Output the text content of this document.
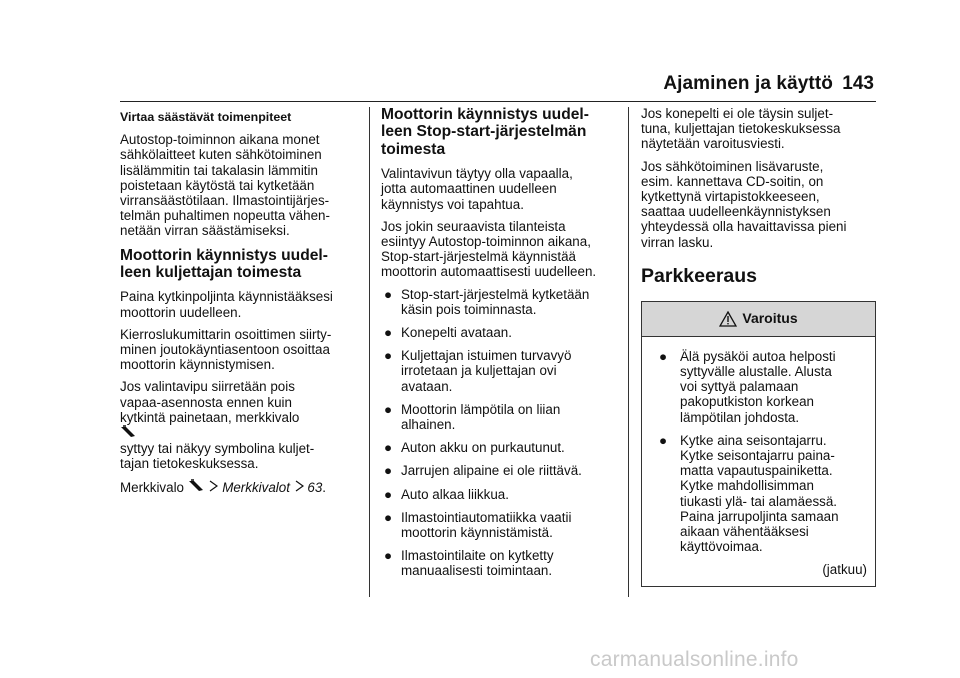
Ajaminen ja käyttö 143

Virtaa säästävät toimenpiteet

Autostop-toiminnon aikana monet
sähkölaitteet kuten sähkötoiminen
lisälämmitin tai takalasin lämmitin
poistetaan käytöstä tai kytketään
virransäästötilaan. Ilmastointijärjes-
telmän puhaltimen nopeutta vähen-
netään virran säästämiseksi.

Moottorin käynnistys uudel-
leen kuljettajan toimesta

Paina kytkinpoljinta käynnistääksesi
moottorin uudelleen.

Kierroslukumittarin osoittimen siirty-
minen joutokäyntiasentoon osoittaa
moottorin käynnistymisen.

Jos valintavipu siirretään pois
vapaa-asennosta ennen kuin
kytkintä painetaan, merkkivalo

syttyy tai näkyy symbolina kuljet-
tajan tietokeskuksessa.

Merkkivalo	Merkkivalot 63.

Moottorin käynnistys uudel-
leen Stop-start-järjestelmän
toimesta

Valintavivun täytyy olla vapaalla,
jotta automaattinen uudelleen
käynnistys voi tapahtua.

Jos jokin seuraavista tilanteista
esiintyy Autostop-toiminnon aikana,
Stop-start-järjestelmä käynnistää
moottorin automaattisesti uudelleen.

● Stop-start-järjestelmä kytketään
käsin pois toiminnasta.
● Konepelti avataan.
● Kuljettajan istuimen turvavyö
irrotetaan ja kuljettajan ovi
avataan.
● Moottorin lämpötila on liian
alhainen.
● Auton akku on purkautunut.
● Jarrujen alipaine ei ole riittävä.
● Auto alkaa liikkua.
● Ilmastointiautomatiikka vaatii
moottorin käynnistämistä.
● Ilmastointilaite on kytketty
manuaalisesti toimintaan.

Jos konepelti ei ole täysin suljet-
tuna, kuljettajan tietokeskuksessa
näytetään varoitusviesti.

Jos sähkötoiminen lisävaruste,
esim. kannettava CD-soitin, on
kytkettynä virtapistokkeeseen,
saattaa uudelleenkäynnistyksen
yhteydessä olla havaittavissa pieni
virran lasku.

Parkkeeraus

Varoitus
● Älä pysäköi autoa helposti
syttyvälle alustalle. Alusta
voi syttyä palamaan
pakoputkiston korkean
lämpötilan johdosta.
● Kytke aina seisontajarru.
Kytke seisontajarru paina-
matta vapautuspainiketta.
Kytke mahdollisimman
tiukasti ylä- tai alamäessä.
Paina jarrupoljinta samaan
aikaan vähentääksesi
käyttövoimaa.

(jatkuu)

carmanualsonline.info
